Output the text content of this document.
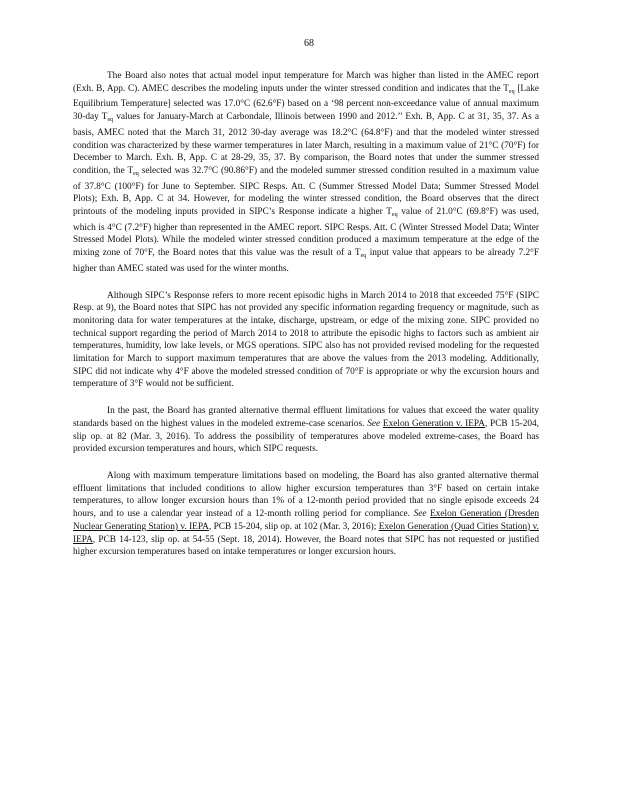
68

The Board also notes that actual model input temperature for March was higher than listed in the AMEC report (Exh. B, App. C). AMEC describes the modeling inputs under the winter stressed condition and indicates that the $T_{eq}$ [Lake Equilibrium Temperature] selected was 17.0°C (62.6°F) based on a ‘98 percent non-exceedance value of annual maximum 30-day $T_{eq}$ values for January-March at Carbondale, Illinois between 1990 and 2012.’’ Exh. B, App. C at 31, 35, 37. As a basis, AMEC noted that the March 31, 2012 30-day average was 18.2°C (64.8°F) and that the modeled winter stressed condition was characterized by these warmer temperatures in later March, resulting in a maximum value of 21°C (70°F) for December to March. Exh. B, App. C at 28-29, 35, 37. By comparison, the Board notes that under the summer stressed condition, the $T_{eq}$ selected was 32.7°C (90.86°F) and the modeled summer stressed condition resulted in a maximum value of 37.8°C (100°F) for June to September. SIPC Resps. Att. C (Summer Stressed Model Data; Summer Stressed Model Plots); Exh. B, App. C at 34. However, for modeling the winter stressed condition, the Board observes that the direct printouts of the modeling inputs provided in SIPC’s Response indicate a higher $T_{eq}$ value of 21.0°C (69.8°F) was used, which is 4°C (7.2°F) higher than represented in the AMEC report. SIPC Resps. Att. C (Winter Stressed Model Data; Winter Stressed Model Plots). While the modeled winter stressed condition produced a maximum temperature at the edge of the mixing zone of 70°F, the Board notes that this value was the result of a $T_{eq}$ input value that appears to be already 7.2°F higher than AMEC stated was used for the winter months.

Although SIPC’s Response refers to more recent episodic highs in March 2014 to 2018 that exceeded 75°F (SIPC Resp. at 9), the Board notes that SIPC has not provided any specific information regarding frequency or magnitude, such as monitoring data for water temperatures at the intake, discharge, upstream, or edge of the mixing zone. SIPC provided no technical support regarding the period of March 2014 to 2018 to attribute the episodic highs to factors such as ambient air temperatures, humidity, low lake levels, or MGS operations. SIPC also has not provided revised modeling for the requested limitation for March to support maximum temperatures that are above the values from the 2013 modeling. Additionally, SIPC did not indicate why 4°F above the modeled stressed condition of 70°F is appropriate or why the excursion hours and temperature of 3°F would not be sufficient.

In the past, the Board has granted alternative thermal effluent limitations for values that exceed the water quality standards based on the highest values in the modeled extreme-case scenarios. See Exelon Generation v. IEPA, PCB 15-204, slip op. at 82 (Mar. 3, 2016). To address the possibility of temperatures above modeled extreme-cases, the Board has provided excursion temperatures and hours, which SIPC requests.

Along with maximum temperature limitations based on modeling, the Board has also granted alternative thermal effluent limitations that included conditions to allow higher excursion temperatures than 3°F based on certain intake temperatures, to allow longer excursion hours than 1% of a 12-month period provided that no single episode exceeds 24 hours, and to use a calendar year instead of a 12-month rolling period for compliance. See Exelon Generation (Dresden Nuclear Generating Station) v. IEPA, PCB 15-204, slip op. at 102 (Mar. 3, 2016); Exelon Generation (Quad Cities Station) v. IEPA, PCB 14-123, slip op. at 54-55 (Sept. 18, 2014). However, the Board notes that SIPC has not requested or justified higher excursion temperatures based on intake temperatures or longer excursion hours.
